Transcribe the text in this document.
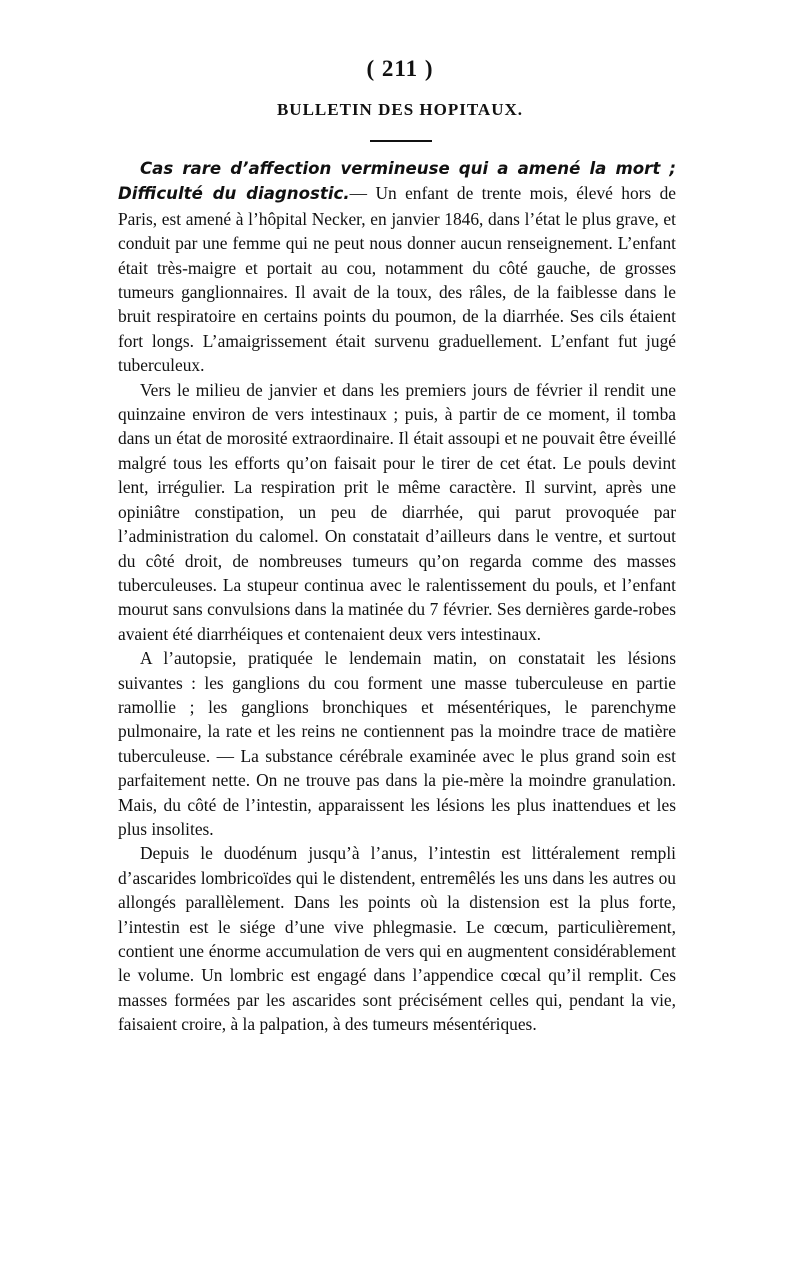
( 211 )
BULLETIN DES HOPITAUX.

Cas rare d’affection vermineuse qui a amené la mort ; Difficulté du diagnostic.— Un enfant de trente mois, élevé hors de Paris, est amené à l’hôpital Necker, en janvier 1846, dans l’état le plus grave, et conduit par une femme qui ne peut nous donner aucun renseignement. L’enfant était très-maigre et portait au cou, notamment du côté gauche, de grosses tumeurs ganglionnaires. Il avait de la toux, des râles, de la faiblesse dans le bruit respiratoire en certains points du poumon, de la diarrhée. Ses cils étaient fort longs. L’amaigrissement était survenu graduellement. L’enfant fut jugé tuberculeux.

Vers le milieu de janvier et dans les premiers jours de février il rendit une quinzaine environ de vers intestinaux ; puis, à partir de ce moment, il tomba dans un état de morosité extraordinaire. Il était assoupi et ne pouvait être éveillé malgré tous les efforts qu’on faisait pour le tirer de cet état. Le pouls devint lent, irrégulier. La respiration prit le même caractère. Il survint, après une opiniâtre constipation, un peu de diarrhée, qui parut provoquée par l’administration du calomel. On constatait d’ailleurs dans le ventre, et surtout du côté droit, de nombreuses tumeurs qu’on regarda comme des masses tuberculeuses. La stupeur continua avec le ralentissement du pouls, et l’enfant mourut sans convulsions dans la matinée du 7 février. Ses dernières garde-robes avaient été diarrhéiques et contenaient deux vers intestinaux.

A l’autopsie, pratiquée le lendemain matin, on constatait les lésions suivantes : les ganglions du cou forment une masse tuberculeuse en partie ramollie ; les ganglions bronchiques et mésentériques, le parenchyme pulmonaire, la rate et les reins ne contiennent pas la moindre trace de matière tuberculeuse. — La substance cérébrale examinée avec le plus grand soin est parfaitement nette. On ne trouve pas dans la pie-mère la moindre granulation. Mais, du côté de l’intestin, apparaissent les lésions les plus inattendues et les plus insolites.

Depuis le duodénum jusqu’à l’anus, l’intestin est littéralement rempli d’ascarides lombricoïdes qui le distendent, entremêlés les uns dans les autres ou allongés parallèlement. Dans les points où la distension est la plus forte, l’intestin est le siége d’une vive phlegmasie. Le cœcum, particulièrement, contient une énorme accumulation de vers qui en augmentent considérablement le volume. Un lombric est engagé dans l’appendice cœcal qu’il remplit. Ces masses formées par les ascarides sont précisément celles qui, pendant la vie, faisaient croire, à la palpation, à des tumeurs mésentériques.
